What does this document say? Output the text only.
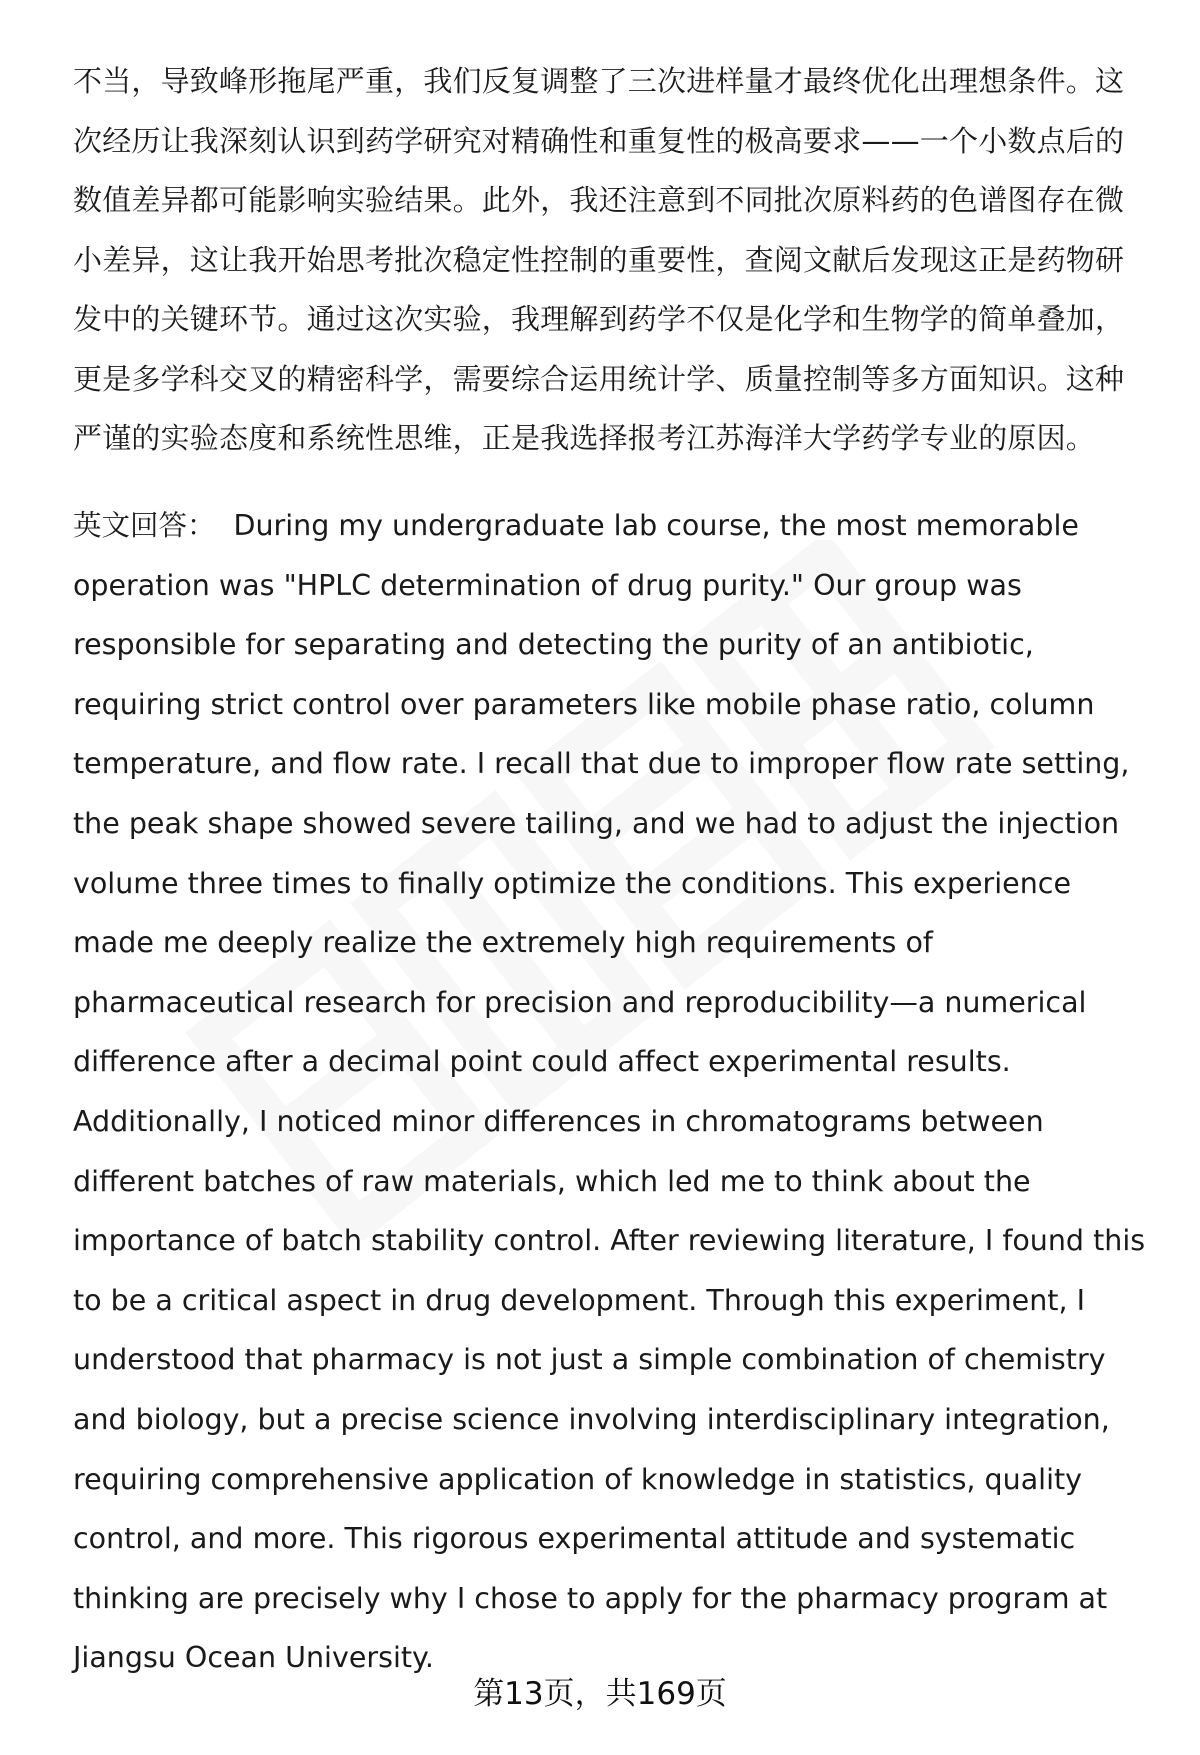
不当，导致峰形拖尾严重，我们反复调整了三次进样量才最终优化出理想条件。这次经历让我深刻认识到药学研究对精确性和重复性的极高要求——一个小数点后的数值差异都可能影响实验结果。此外，我还注意到不同批次原料药的色谱图存在微小差异，这让我开始思考批次稳定性控制的重要性，查阅文献后发现这正是药物研发中的关键环节。通过这次实验，我理解到药学不仅是化学和生物学的简单叠加，更是多学科交叉的精密科学，需要综合运用统计学、质量控制等多方面知识。这种严谨的实验态度和系统性思维，正是我选择报考江苏海洋大学药学专业的原因。

英文回答： During my undergraduate lab course, the most memorable operation was "HPLC determination of drug purity." Our group was responsible for separating and detecting the purity of an antibiotic, requiring strict control over parameters like mobile phase ratio, column temperature, and flow rate. I recall that due to improper flow rate setting, the peak shape showed severe tailing, and we had to adjust the injection volume three times to finally optimize the conditions. This experience made me deeply realize the extremely high requirements of pharmaceutical research for precision and reproducibility—a numerical difference after a decimal point could affect experimental results. Additionally, I noticed minor differences in chromatograms between different batches of raw materials, which led me to think about the importance of batch stability control. After reviewing literature, I found this to be a critical aspect in drug development. Through this experiment, I understood that pharmacy is not just a simple combination of chemistry and biology, but a precise science involving interdisciplinary integration, requiring comprehensive application of knowledge in statistics, quality control, and more. This rigorous experimental attitude and systematic thinking are precisely why I chose to apply for the pharmacy program at Jiangsu Ocean University.

第13页，共169页
